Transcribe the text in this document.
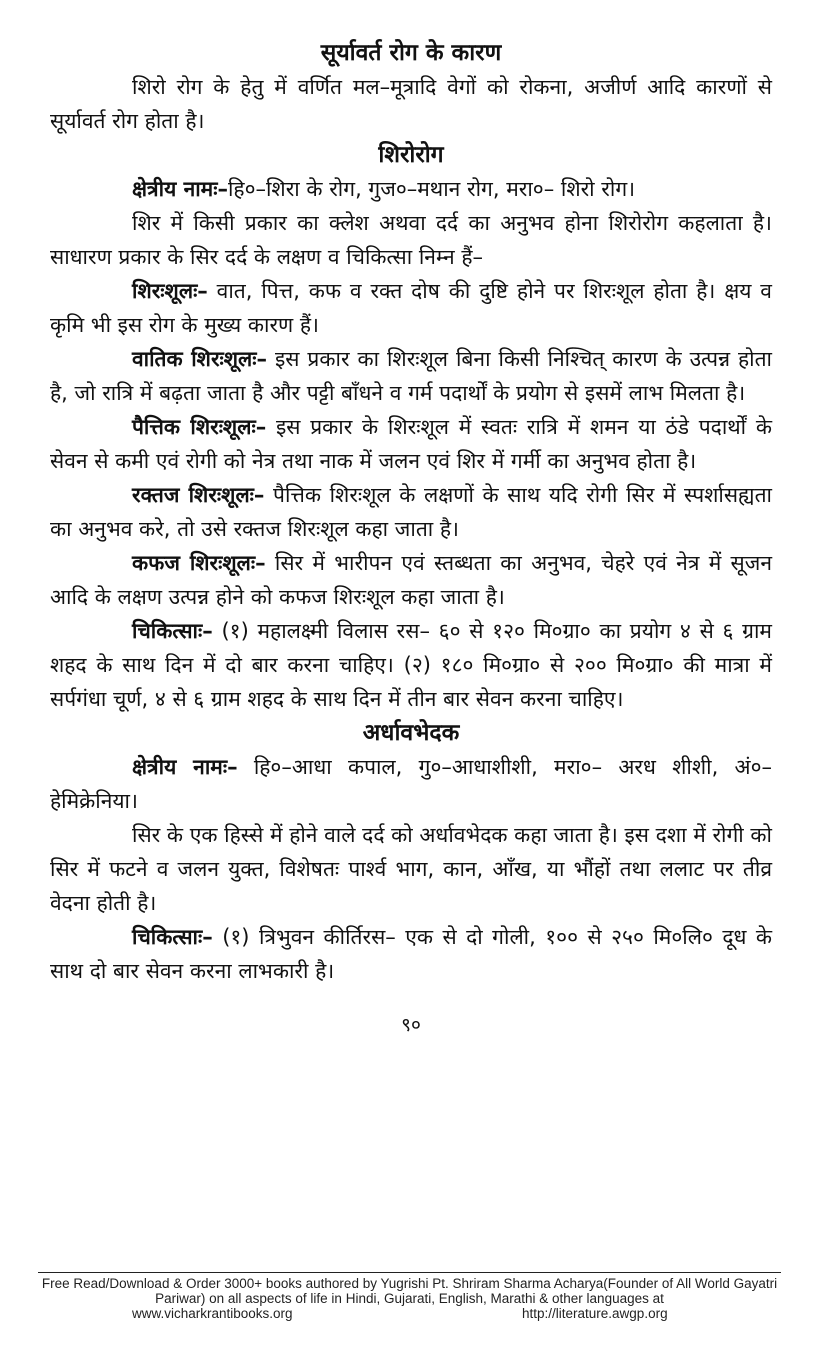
सूर्यावर्त रोग के कारण

शिरो रोग के हेतु में वर्णित मल–मूत्रादि वेगों को रोकना, अजीर्ण आदि कारणों से सूर्यावर्त रोग होता है।

शिरोरोग

क्षेत्रीय नामः–हि०–शिरा के रोग, गुज०–मथान रोग, मरा०– शिरो रोग।

शिर में किसी प्रकार का क्लेश अथवा दर्द का अनुभव होना शिरोरोग कहलाता है। साधारण प्रकार के सिर दर्द के लक्षण व चिकित्सा निम्न हैं–

शिरःशूलः– वात, पित्त, कफ व रक्त दोष की दुष्टि होने पर शिरःशूल होता है। क्षय व कृमि भी इस रोग के मुख्य कारण हैं।

वातिक शिरःशूलः– इस प्रकार का शिरःशूल बिना किसी निश्चित् कारण के उत्पन्न होता है, जो रात्रि में बढ़ता जाता है और पट्टी बाँधने व गर्म पदार्थों के प्रयोग से इसमें लाभ मिलता है।

पैत्तिक शिरःशूलः– इस प्रकार के शिरःशूल में स्वतः रात्रि में शमन या ठंडे पदार्थों के सेवन से कमी एवं रोगी को नेत्र तथा नाक में जलन एवं शिर में गर्मी का अनुभव होता है।

रक्तज शिरःशूलः– पैत्तिक शिरःशूल के लक्षणों के साथ यदि रोगी सिर में स्पर्शासह्यता का अनुभव करे, तो उसे रक्तज शिरःशूल कहा जाता है।

कफज शिरःशूलः– सिर में भारीपन एवं स्तब्धता का अनुभव, चेहरे एवं नेत्र में सूजन आदि के लक्षण उत्पन्न होने को कफज शिरःशूल कहा जाता है।

चिकित्साः– (१) महालक्ष्मी विलास रस– ६० से १२० मि०ग्रा० का प्रयोग ४ से ६ ग्राम शहद के साथ दिन में दो बार करना चाहिए। (२) १८० मि०ग्रा० से २०० मि०ग्रा० की मात्रा में सर्पगंधा चूर्ण, ४ से ६ ग्राम शहद के साथ दिन में तीन बार सेवन करना चाहिए।

अर्धावभेदक

क्षेत्रीय नामः– हि०–आधा कपाल, गु०–आधाशीशी, मरा०– अरध शीशी, अं०–हेमिक्रेनिया।

सिर के एक हिस्से में होने वाले दर्द को अर्धावभेदक कहा जाता है। इस दशा में रोगी को सिर में फटने व जलन युक्त, विशेषतः पार्श्व भाग, कान, आँख, या भौंहों तथा ललाट पर तीव्र वेदना होती है।

चिकित्साः– (१) त्रिभुवन कीर्तिरस– एक से दो गोली, १०० से २५० मि०लि० दूध के साथ दो बार सेवन करना लाभकारी है।

९०
Free Read/Download & Order 3000+ books authored by Yugrishi Pt. Shriram Sharma Acharya(Founder of All World Gayatri Pariwar) on all aspects of life in Hindi, Gujarati, English, Marathi & other languages at
www.vicharkrantibooks.org	http://literature.awgp.org
